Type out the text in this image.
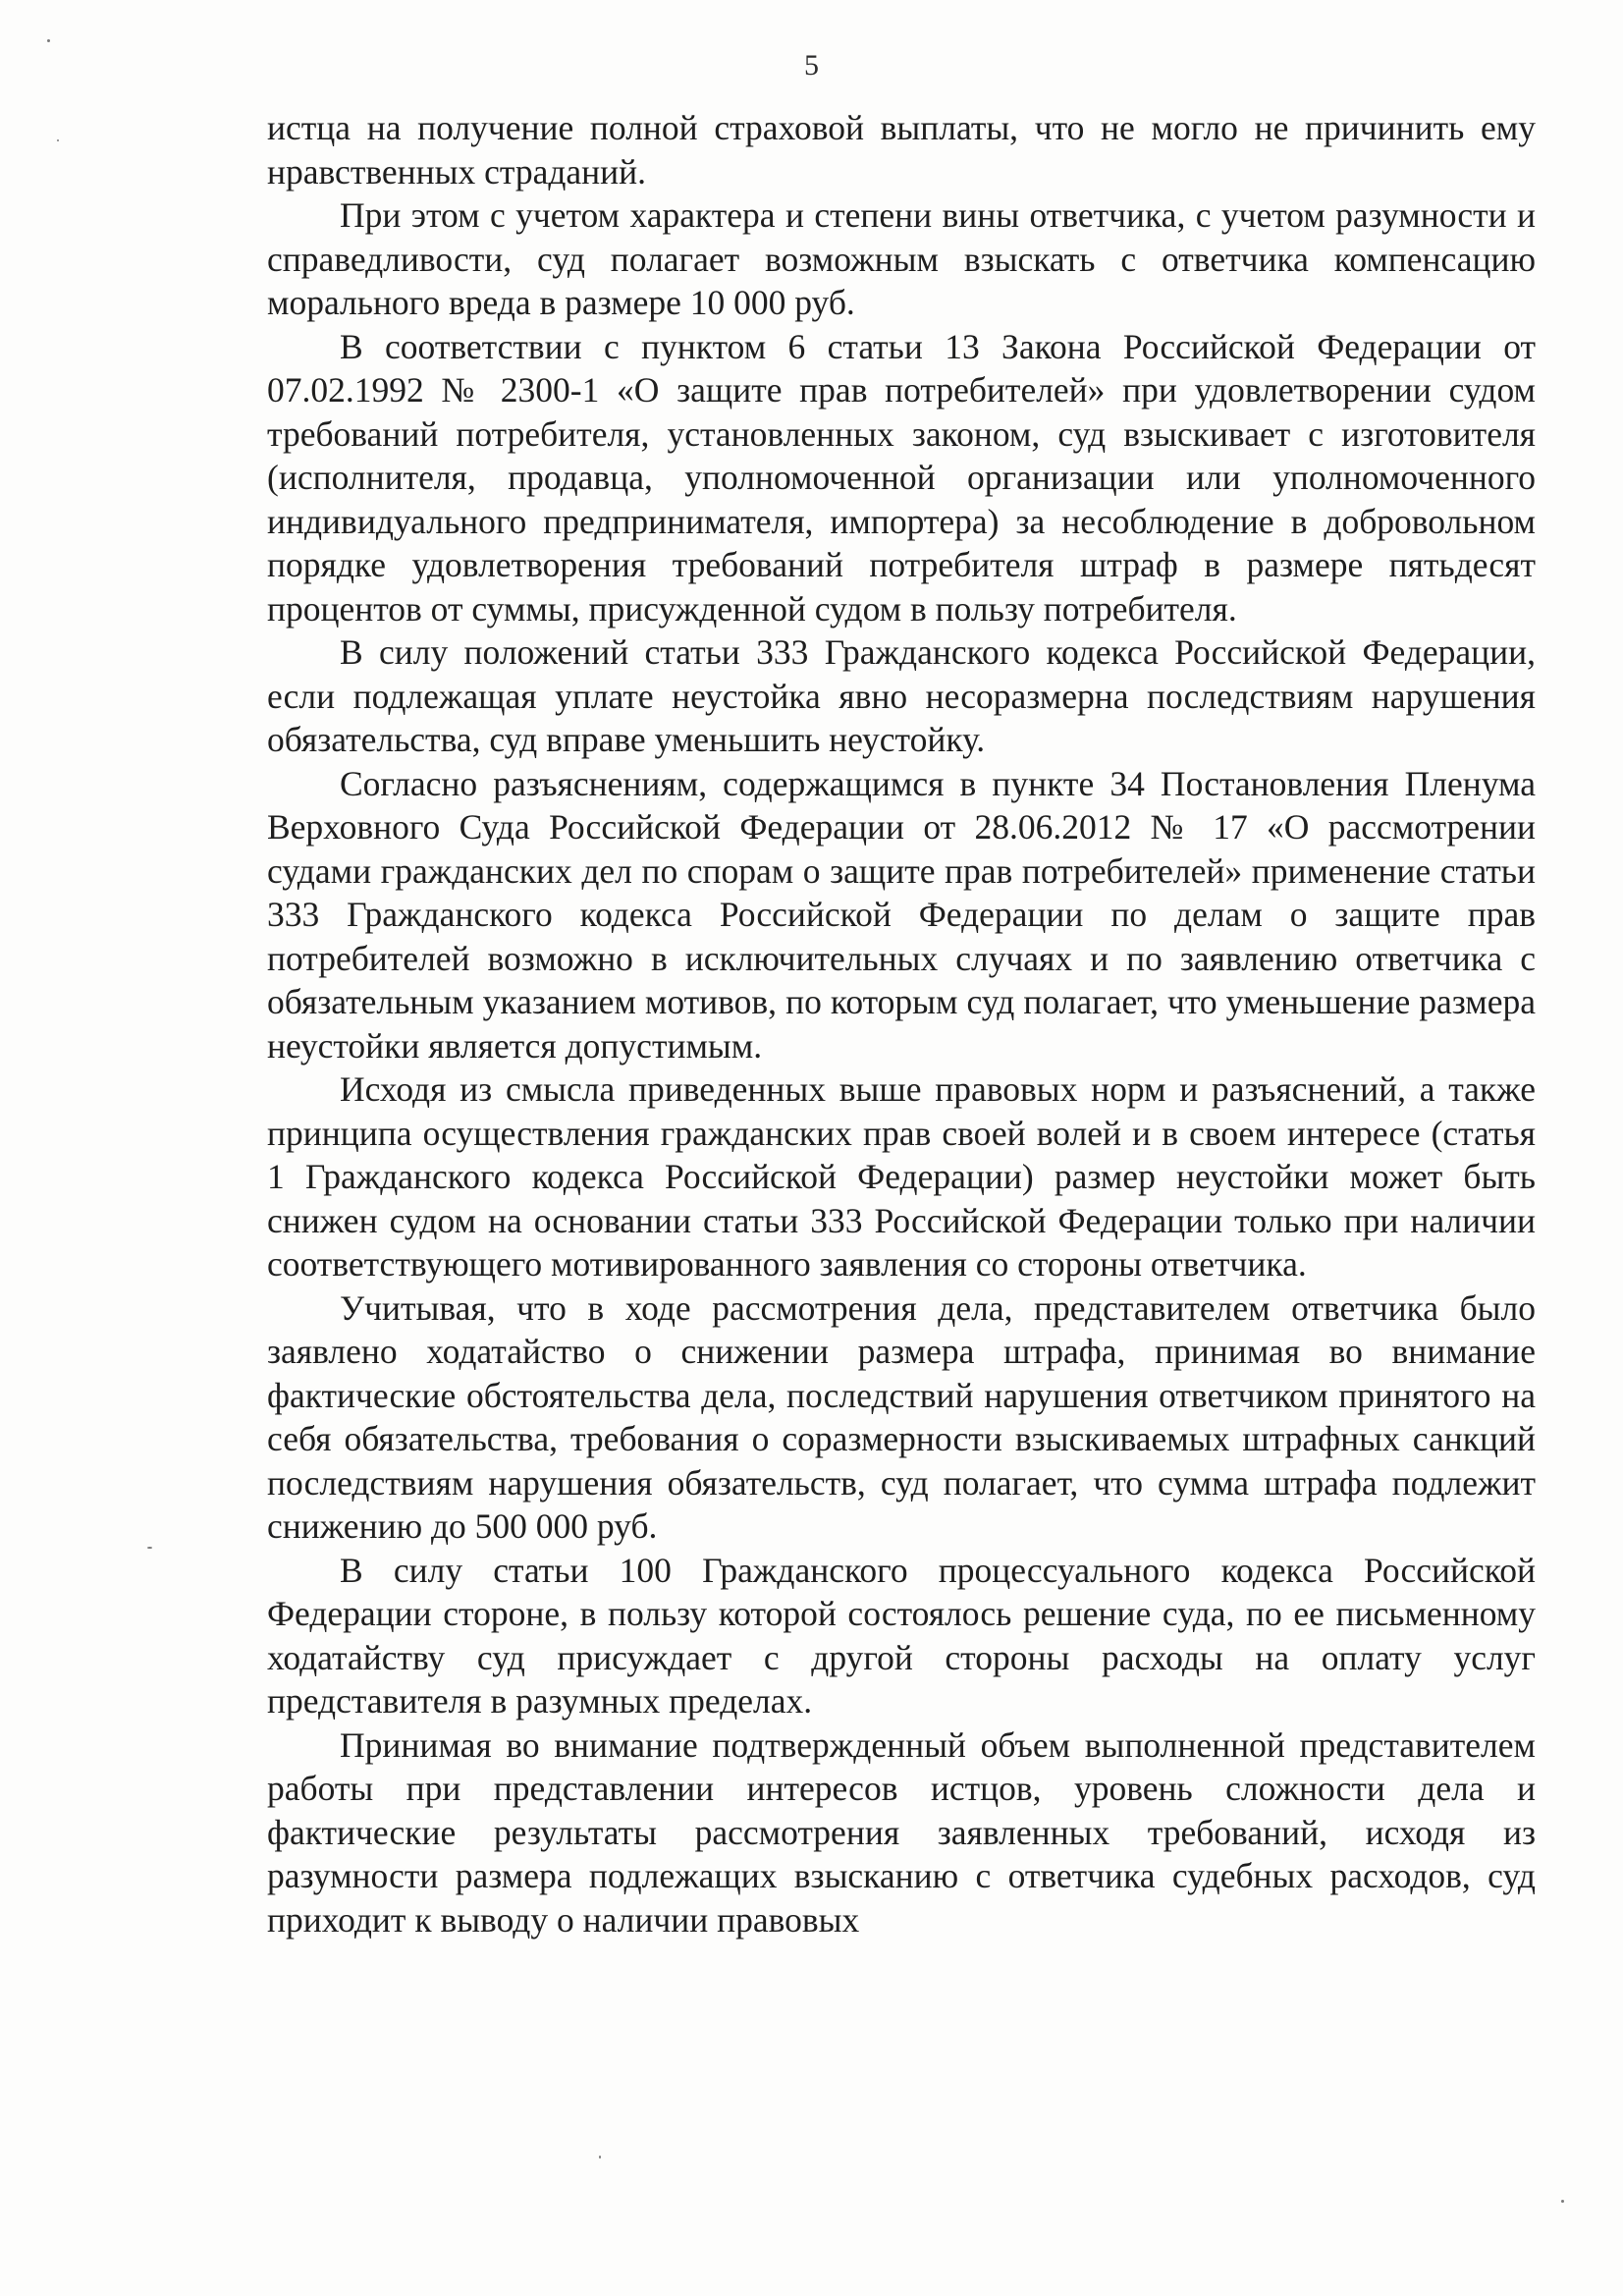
5

истца на получение полной страховой выплаты, что не могло не причинить ему нравственных страданий.

При этом с учетом характера и степени вины ответчика, с учетом разумности и справедливости, суд полагает возможным взыскать с ответчика компенсацию морального вреда в размере 10 000 руб.

В соответствии с пунктом 6 статьи 13 Закона Российской Федерации от 07.02.1992 № 2300-1 «О защите прав потребителей» при удовлетворении судом требований потребителя, установленных законом, суд взыскивает с изготовителя (исполнителя, продавца, уполномоченной организации или уполномоченного индивидуального предпринимателя, импортера) за несоблюдение в добровольном порядке удовлетворения требований потребителя штраф в размере пятьдесят процентов от суммы, присужденной судом в пользу потребителя.

В силу положений статьи 333 Гражданского кодекса Российской Федерации, если подлежащая уплате неустойка явно несоразмерна последствиям нарушения обязательства, суд вправе уменьшить неустойку.

Согласно разъяснениям, содержащимся в пункте 34 Постановления Пленума Верховного Суда Российской Федерации от 28.06.2012 № 17 «О рассмотрении судами гражданских дел по спорам о защите прав потребителей» применение статьи 333 Гражданского кодекса Российской Федерации по делам о защите прав потребителей возможно в исключительных случаях и по заявлению ответчика с обязательным указанием мотивов, по которым суд полагает, что уменьшение размера неустойки является допустимым.

Исходя из смысла приведенных выше правовых норм и разъяснений, а также принципа осуществления гражданских прав своей волей и в своем интересе (статья 1 Гражданского кодекса Российской Федерации) размер неустойки может быть снижен судом на основании статьи 333 Российской Федерации только при наличии соответствующего мотивированного заявления со стороны ответчика.

Учитывая, что в ходе рассмотрения дела, представителем ответчика было заявлено ходатайство о снижении размера штрафа, принимая во внимание фактические обстоятельства дела, последствий нарушения ответчиком принятого на себя обязательства, требования о соразмерности взыскиваемых штрафных санкций последствиям нарушения обязательств, суд полагает, что сумма штрафа подлежит снижению до 500 000 руб.

В силу статьи 100 Гражданского процессуального кодекса Российской Федерации стороне, в пользу которой состоялось решение суда, по ее письменному ходатайству суд присуждает с другой стороны расходы на оплату услуг представителя в разумных пределах.

Принимая во внимание подтвержденный объем выполненной представителем работы при представлении интересов истцов, уровень сложности дела и фактические результаты рассмотрения заявленных требований, исходя из разумности размера подлежащих взысканию с ответчика судебных расходов, суд приходит к выводу о наличии правовых
